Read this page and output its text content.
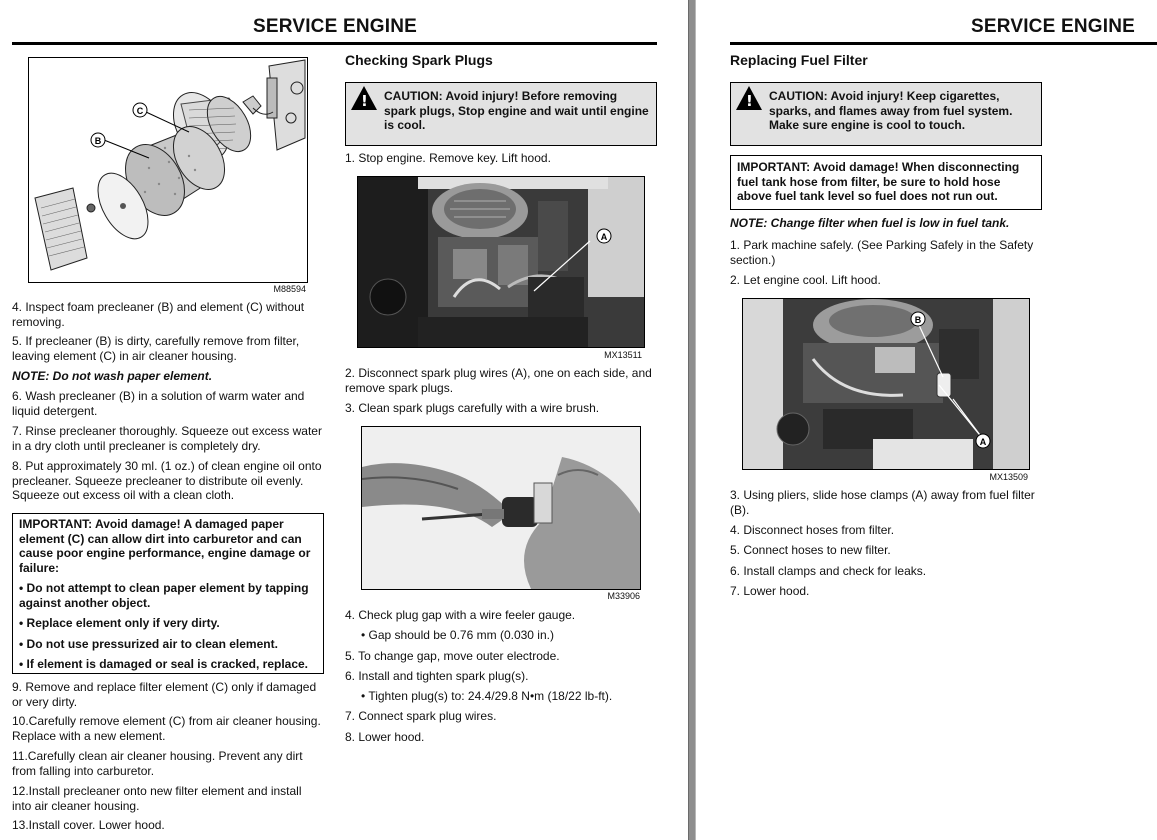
SERVICE ENGINE
C
B
M88594
4. Inspect foam precleaner (B) and element (C) without removing.
5. If precleaner (B) is dirty, carefully remove from filter, leaving element (C) in air cleaner housing.
NOTE: Do not wash paper element.
6. Wash precleaner (B) in a solution of warm water and liquid detergent.
7. Rinse precleaner thoroughly. Squeeze out excess water in a dry cloth until precleaner is completely dry.
8. Put approximately 30 ml. (1 oz.) of clean engine oil onto precleaner. Squeeze precleaner to distribute oil evenly. Squeeze out excess oil with a clean cloth.
IMPORTANT: Avoid damage! A damaged paper element (C) can allow dirt into carburetor and can cause poor engine performance, engine damage or failure:
• Do not attempt to clean paper element by tapping against another object.
• Replace element only if very dirty.
• Do not use pressurized air to clean element.
• If element is damaged or seal is cracked, replace.
9. Remove and replace filter element (C) only if damaged or very dirty.
10.Carefully remove element (C) from air cleaner housing. Replace with a new element.
11.Carefully clean air cleaner housing. Prevent any dirt from falling into carburetor.
12.Install precleaner onto new filter element and install into air cleaner housing.
13.Install cover. Lower hood.
Checking Spark Plugs
!
CAUTION: Avoid injury! Before removing spark plugs, Stop engine and wait until engine is cool.
1. Stop engine. Remove key. Lift hood.
A
MX13511
2. Disconnect spark plug wires (A), one on each side, and remove spark plugs.
3. Clean spark plugs carefully with a wire brush.
M33906
4. Check plug gap with a wire feeler gauge.
• Gap should be 0.76 mm (0.030 in.)
5. To change gap, move outer electrode.
6. Install and tighten spark plug(s).
• Tighten plug(s) to: 24.4/29.8 N•m (18/22 lb-ft).
7. Connect spark plug wires.
8. Lower hood.
SERVICE ENGINE
Replacing Fuel Filter
!
CAUTION: Avoid injury! Keep cigarettes, sparks, and flames away from fuel system. Make sure engine is cool to touch.
IMPORTANT: Avoid damage! When disconnecting fuel tank hose from filter, be sure to hold hose above fuel tank level so fuel does not run out.
NOTE: Change filter when fuel is low in fuel tank.
1. Park machine safely. (See Parking Safely in the Safety section.)
2. Let engine cool. Lift hood.
B
A
MX13509
3. Using pliers, slide hose clamps (A) away from fuel filter (B).
4. Disconnect hoses from filter.
5. Connect hoses to new filter.
6. Install clamps and check for leaks.
7. Lower hood.
